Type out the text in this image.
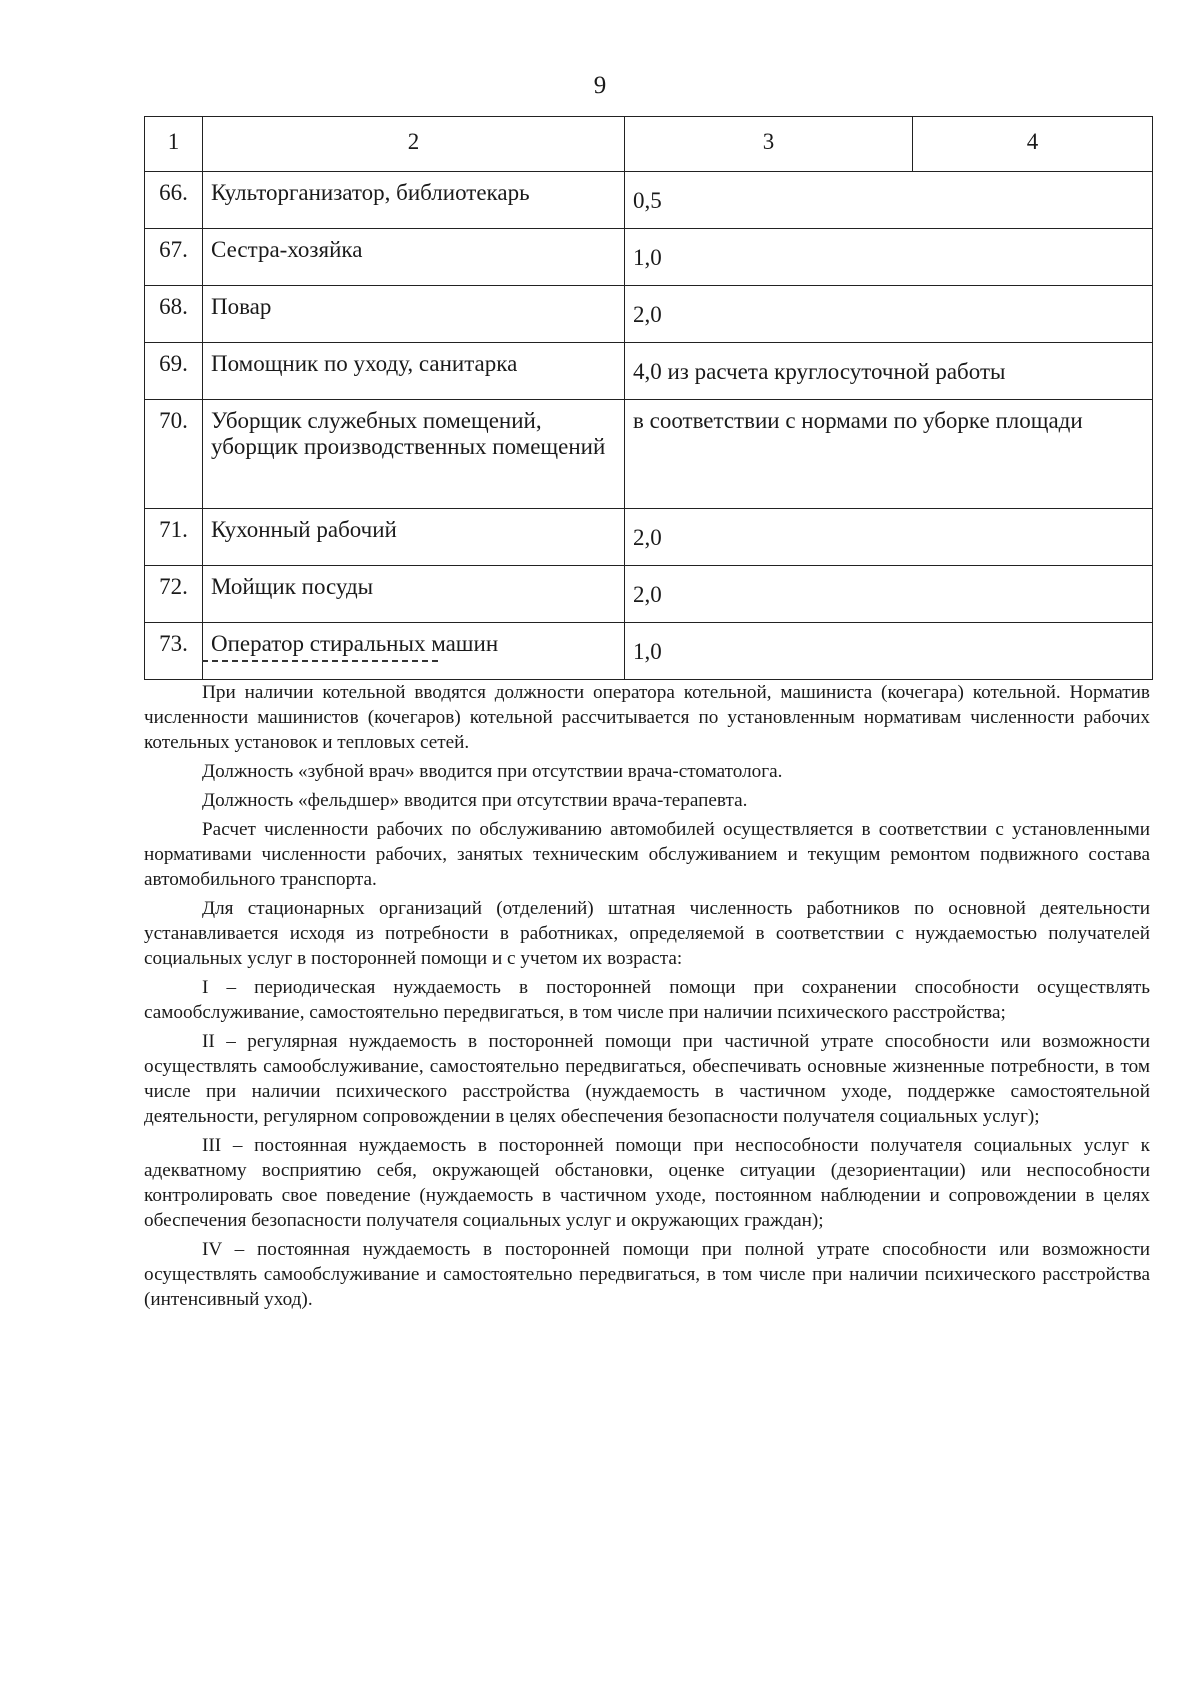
9
1	2	3	4
66.	Культорганизатор, библиотекарь	0,5	
67.	Сестра-хозяйка	1,0	
68.	Повар	2,0	
69.	Помощник по уходу, санитарка	4,0 из расчета круглосуточной работы	
70.	Уборщик служебных помещений, уборщик производственных помещений	в соответствии с нормами по уборке площади	
71.	Кухонный рабочий	2,0	
72.	Мойщик посуды	2,0	
73.	Оператор стиральных машин	1,0	

При наличии котельной вводятся должности оператора котельной, машиниста (кочегара) котельной. Норматив численности машинистов (кочегаров) котельной рассчитывается по установленным нормативам численности рабочих котельных установок и тепловых сетей.

Должность «зубной врач» вводится при отсутствии врача-стоматолога.

Должность «фельдшер» вводится при отсутствии врача-терапевта.

Расчет численности рабочих по обслуживанию автомобилей осуществляется в соответствии с установленными нормативами численности рабочих, занятых техническим обслуживанием и текущим ремонтом подвижного состава автомобильного транспорта.

Для стационарных организаций (отделений) штатная численность работников по основной деятельности устанавливается исходя из потребности в работниках, определяемой в соответствии с нуждаемостью получателей социальных услуг в посторонней помощи и с учетом их возраста:

I – периодическая нуждаемость в посторонней помощи при сохранении способности осуществлять самообслуживание, самостоятельно передвигаться, в том числе при наличии психического расстройства;

II – регулярная нуждаемость в посторонней помощи при частичной утрате способности или возможности осуществлять самообслуживание, самостоятельно передвигаться, обеспечивать основные жизненные потребности, в том числе при наличии психического расстройства (нуждаемость в частичном уходе, поддержке самостоятельной деятельности, регулярном сопровождении в целях обеспечения безопасности получателя социальных услуг);

III – постоянная нуждаемость в посторонней помощи при неспособности получателя социальных услуг к адекватному восприятию себя, окружающей обстановки, оценке ситуации (дезориентации) или неспособности контролировать свое поведение (нуждаемость в частичном уходе, постоянном наблюдении и сопровождении в целях обеспечения безопасности получателя социальных услуг и окружающих граждан);

IV – постоянная нуждаемость в посторонней помощи при полной утрате способности или возможности осуществлять самообслуживание и самостоятельно передвигаться, в том числе при наличии психического расстройства (интенсивный уход).
